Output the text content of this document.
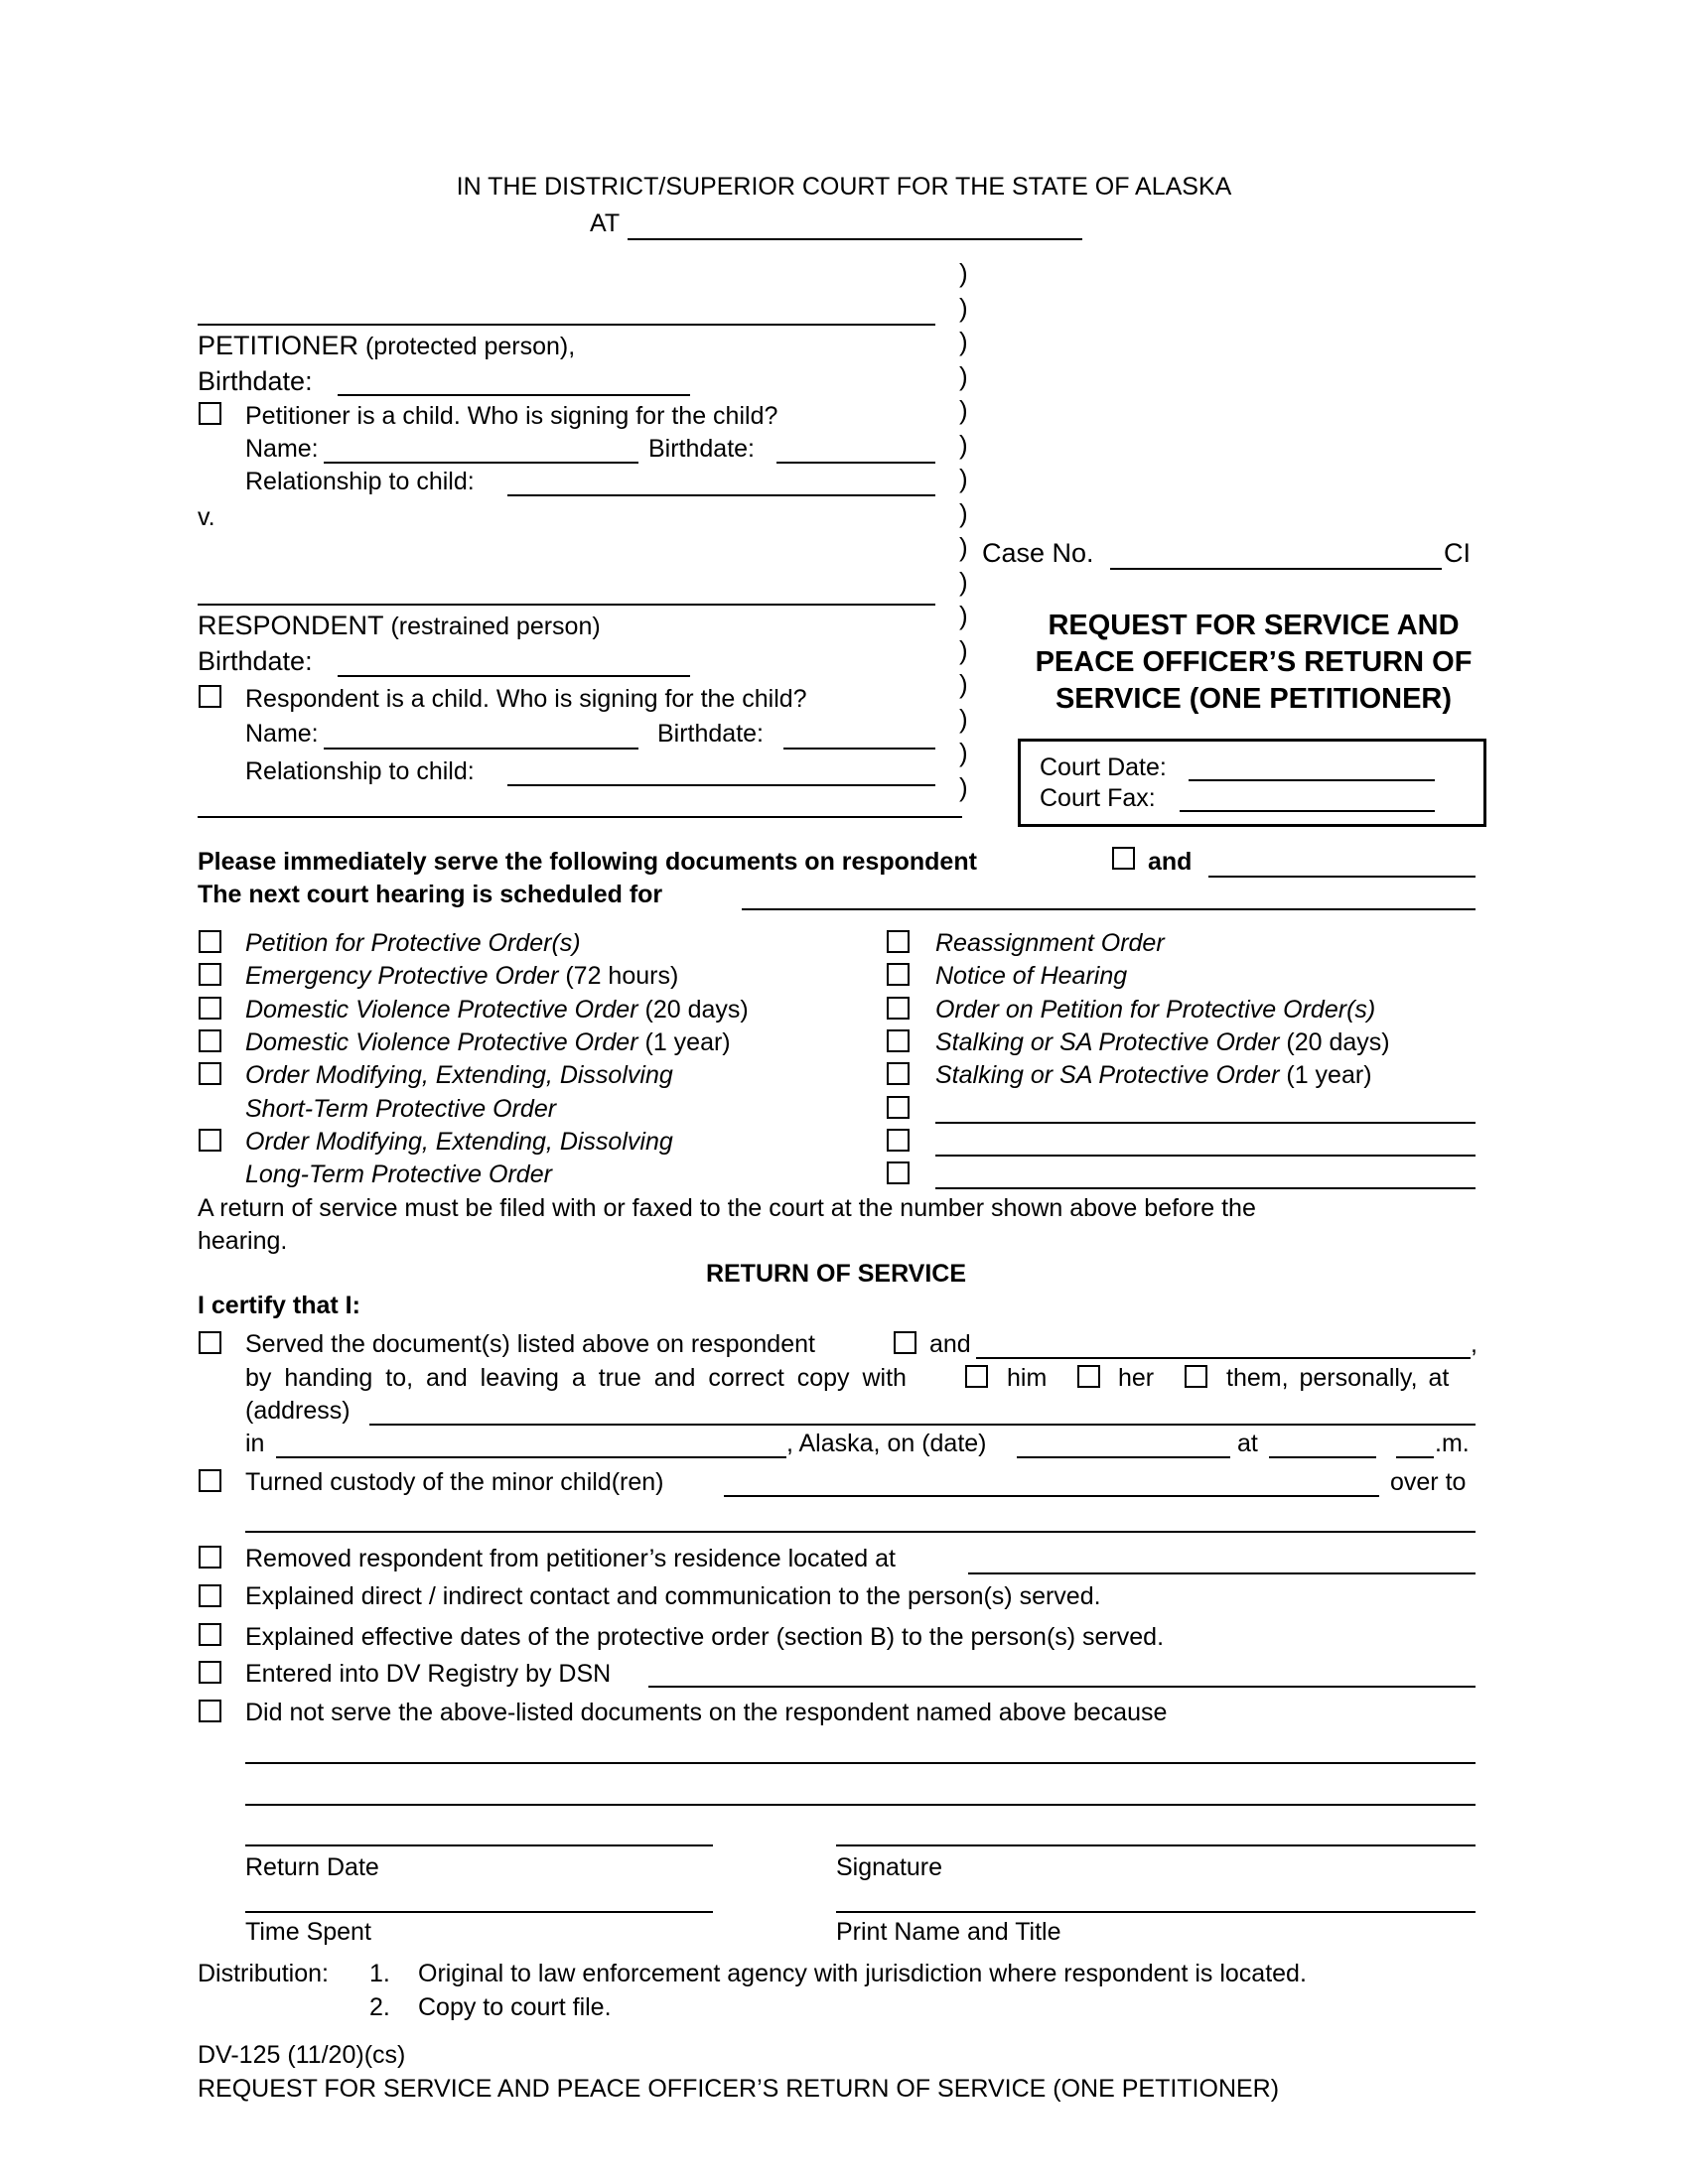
IN THE DISTRICT/SUPERIOR COURT FOR THE STATE OF ALASKA
AT
)
)
)
)
)
)
)
)
)
)
)
)
)
)
)
)
PETITIONER (protected person),
Birthdate:
Petitioner is a child. Who is signing for the child?
Name:	Birthdate:
Relationship to child:
v.
Case No.	CI
RESPONDENT (restrained person)
Birthdate:
Respondent is a child. Who is signing for the child?
Name:	Birthdate:
Relationship to child:
REQUEST FOR SERVICE AND
PEACE OFFICER’S RETURN OF
SERVICE (ONE PETITIONER)
Court Date:
Court Fax:
Please immediately serve the following documents on respondent	and
The next court hearing is scheduled for
Petition for Protective Order(s)
Emergency Protective Order (72 hours)
Domestic Violence Protective Order (20 days)
Domestic Violence Protective Order (1 year)
Order Modifying, Extending, Dissolving
Short-Term Protective Order
Order Modifying, Extending, Dissolving
Long-Term Protective Order
Reassignment Order
Notice of Hearing
Order on Petition for Protective Order(s)
Stalking or SA Protective Order (20 days)
Stalking or SA Protective Order (1 year)
A return of service must be filed with or faxed to the court at the number shown above before the
hearing.
RETURN OF SERVICE
I certify that I:
Served the document(s) listed above on respondent	and	,
by handing to, and leaving a true and correct copy with	him	her	them, personally, at
(address)
in	, Alaska, on (date)	at	.m.
Turned custody of the minor child(ren)	over to
Removed respondent from petitioner’s residence located at
Explained direct / indirect contact and communication to the person(s) served.
Explained effective dates of the protective order (section B) to the person(s) served.
Entered into DV Registry by DSN
Did not serve the above-listed documents on the respondent named above because
Return Date	Signature
Time Spent	Print Name and Title
Distribution: 1. Original to law enforcement agency with jurisdiction where respondent is located.
2. Copy to court file.
DV-125 (11/20)(cs)
REQUEST FOR SERVICE AND PEACE OFFICER’S RETURN OF SERVICE (ONE PETITIONER)
